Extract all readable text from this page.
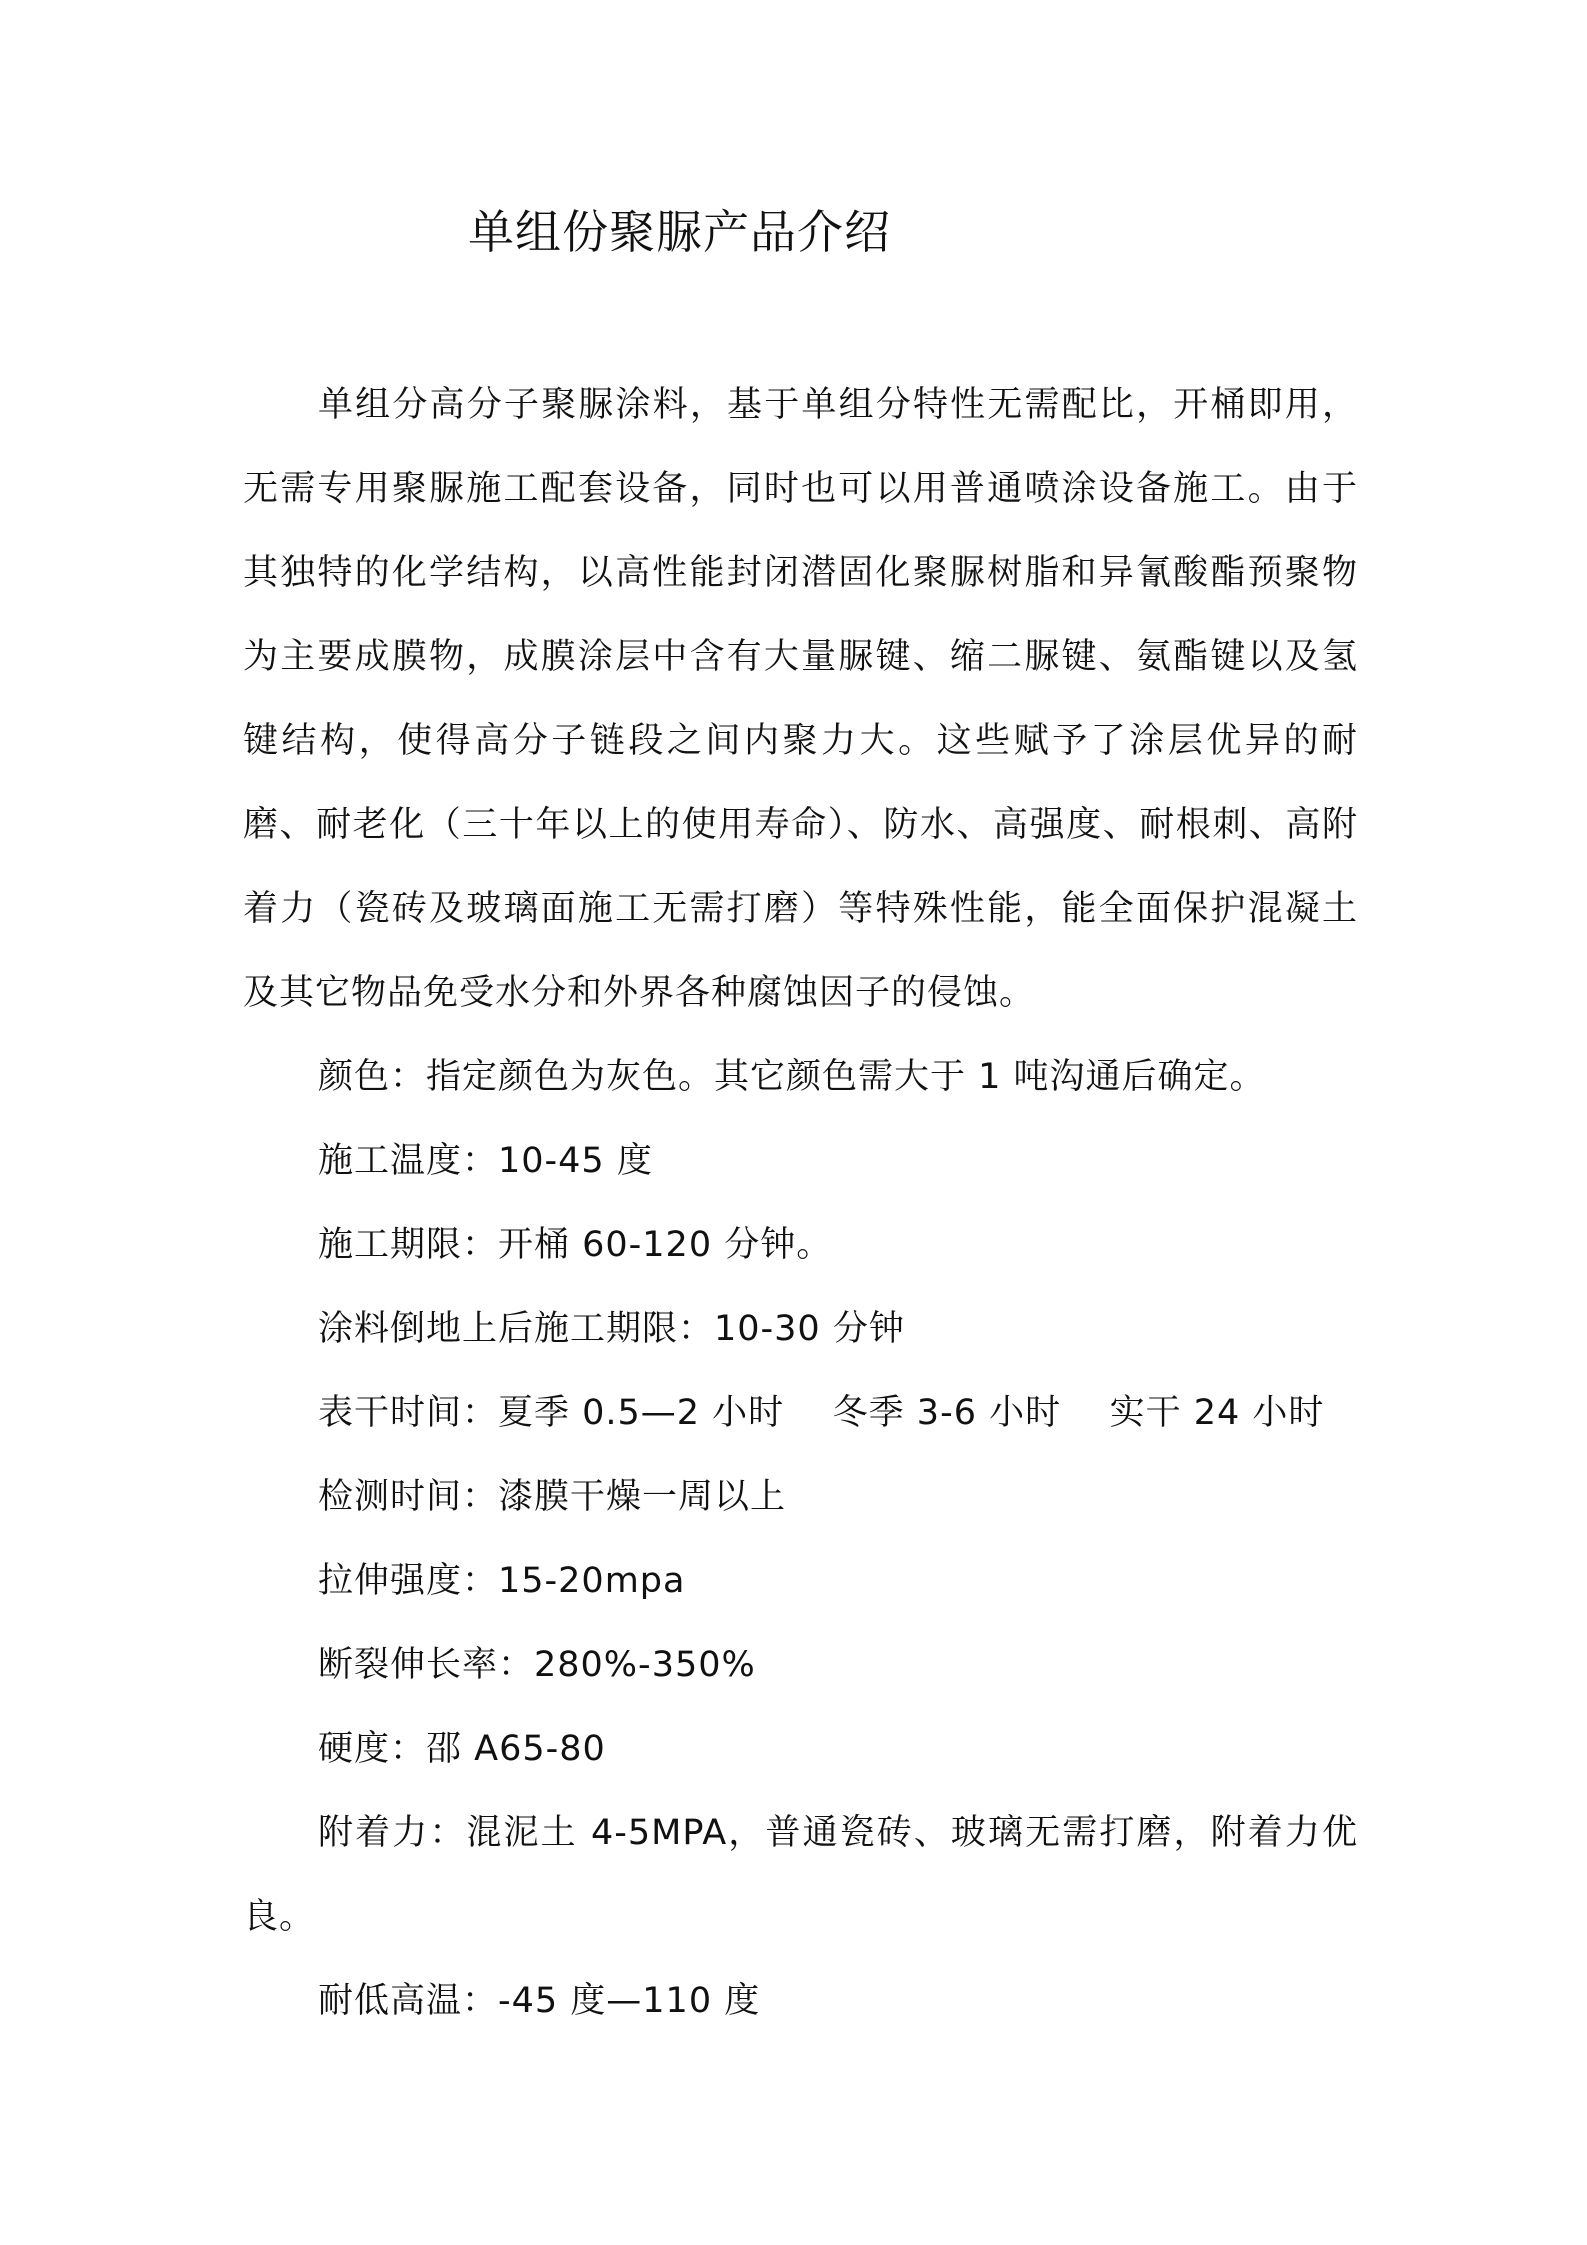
单组份聚脲产品介绍

单组分高分子聚脲涂料，基于单组分特性无需配比，开桶即用，无需专用聚脲施工配套设备，同时也可以用普通喷涂设备施工。由于其独特的化学结构，以高性能封闭潜固化聚脲树脂和异氰酸酯预聚物为主要成膜物，成膜涂层中含有大量脲键、缩二脲键、氨酯键以及氢键结构，使得高分子链段之间内聚力大。这些赋予了涂层优异的耐磨、耐老化（三十年以上的使用寿命）、防水、高强度、耐根刺、高附着力（瓷砖及玻璃面施工无需打磨）等特殊性能，能全面保护混凝土及其它物品免受水分和外界各种腐蚀因子的侵蚀。

颜色：指定颜色为灰色。其它颜色需大于 1 吨沟通后确定。

施工温度：10-45 度

施工期限：开桶 60-120 分钟。

涂料倒地上后施工期限：10-30 分钟

表干时间：夏季 0.5—2 小时    冬季 3-6 小时    实干 24 小时

检测时间：漆膜干燥一周以上

拉伸强度：15-20mpa

断裂伸长率：280%-350%

硬度：邵 A65-80

附着力：混泥土 4-5MPA，普通瓷砖、玻璃无需打磨，附着力优良。

耐低高温：-45 度—110 度
